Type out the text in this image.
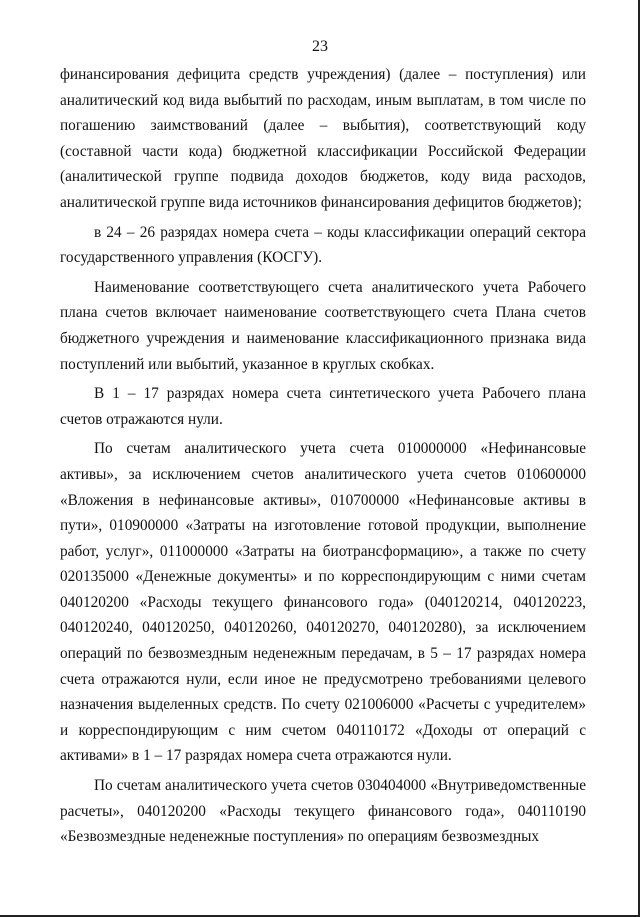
23

финансирования дефицита средств учреждения) (далее – поступления) или аналитический код вида выбытий по расходам, иным выплатам, в том числе по погашению заимствований (далее – выбытия), соответствующий коду (составной части кода) бюджетной классификации Российской Федерации (аналитической группе подвида доходов бюджетов, коду вида расходов, аналитической группе вида источников финансирования дефицитов бюджетов);

в 24 – 26 разрядах номера счета – коды классификации операций сектора государственного управления (КОСГУ).

Наименование соответствующего счета аналитического учета Рабочего плана счетов включает наименование соответствующего счета Плана счетов бюджетного учреждения и наименование классификационного признака вида поступлений или выбытий, указанное в круглых скобках.

В 1 – 17 разрядах номера счета синтетического учета Рабочего плана счетов отражаются нули.

По счетам аналитического учета счета 010000000 «Нефинансовые активы», за исключением счетов аналитического учета счетов 010600000 «Вложения в нефинансовые активы», 010700000 «Нефинансовые активы в пути», 010900000 «Затраты на изготовление готовой продукции, выполнение работ, услуг», 011000000 «Затраты на биотрансформацию», а также по счету 020135000 «Денежные документы» и по корреспондирующим с ними счетам 040120200 «Расходы текущего финансового года» (040120214, 040120223, 040120240, 040120250, 040120260, 040120270, 040120280), за исключением операций по безвозмездным неденежным передачам, в 5 – 17 разрядах номера счета отражаются нули, если иное не предусмотрено требованиями целевого назначения выделенных средств. По счету 021006000 «Расчеты с учредителем» и корреспондирующим с ним счетом 040110172 «Доходы от операций с активами» в 1 – 17 разрядах номера счета отражаются нули.

По счетам аналитического учета счетов 030404000 «Внутриведомственные расчеты», 040120200 «Расходы текущего финансового года», 040110190 «Безвозмездные неденежные поступления» по операциям безвозмездных
